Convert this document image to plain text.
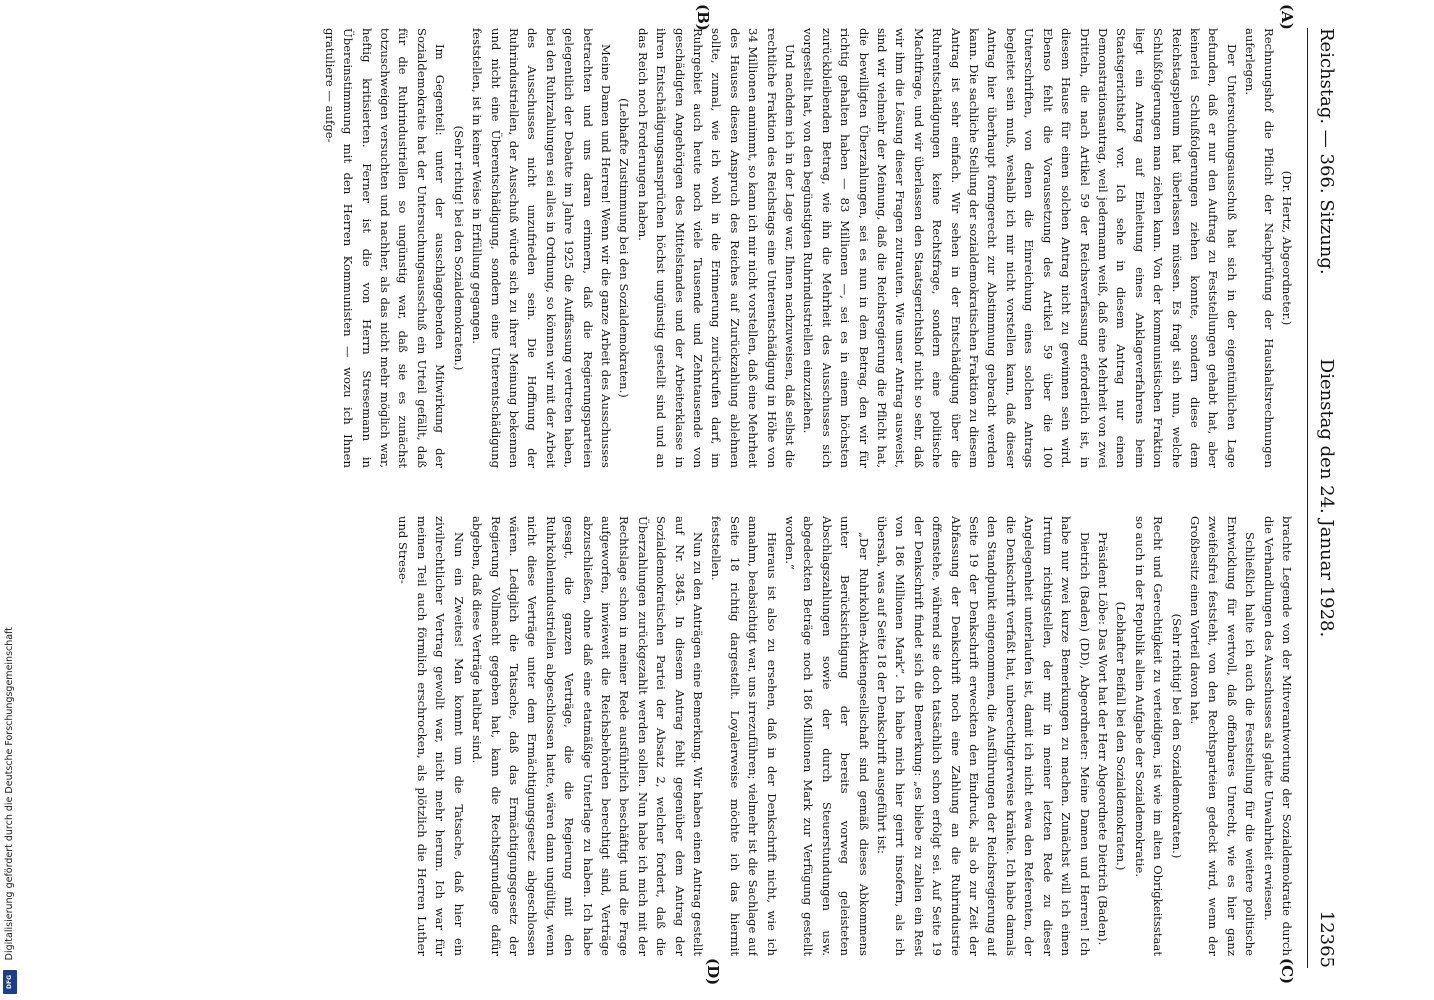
DFG
Digitalisierung gefördert durch die Deutsche Forschungsgemeinschaft
Reichstag. — 366. Sitzung.
Dienstag den 24. Januar 1928.
12365
(A)
(B)
(C)
(D)

(Dr. Hertz, Abgeordneter.)

Rechnungshof die Pflicht der Nachprüfung der Haushaltsrechnungen auferlegen.

Der Untersuchungsausschuß hat sich in der eigentümlichen Lage befunden, daß er nur den Auftrag zu Feststellungen gehabt hat, aber keinerlei Schlußfolgerungen ziehen konnte, sondern diese dem Reichstagsplenum hat überlassen müssen. Es fragt sich nun, welche Schlußfolgerungen man ziehen kann. Von der kommunistischen Fraktion liegt ein Antrag auf Einleitung eines Anklageverfahrens beim Staatsgerichtshof vor. Ich sehe in diesem Antrag nur einen Demonstrationsantrag, weil jedermann weiß, daß eine Mehrheit von zwei Dritteln, die nach Artikel 59 der Reichsverfassung erforderlich ist, in diesem Hause für einen solchen Antrag nicht zu gewinnen sein wird. Ebenso fehlt die Voraussetzung des Artikel 59 über die 100 Unterschriften, von denen die Einreichung eines solchen Antrags begleitet sein muß, weshalb ich mir nicht vorstellen kann, daß dieser Antrag hier überhaupt formgerecht zur Abstimmung gebracht werden kann. Die sachliche Stellung der sozialdemokratischen Fraktion zu diesem Antrag ist sehr einfach. Wir sehen in der Entschädigung über die Ruhrentschädigungen keine Rechtsfrage, sondern eine politische Machtfrage, und wir überlassen den Staatsgerichtshof nicht so sehr, daß wir ihm die Lösung dieser Fragen zutrauten. Wie unser Antrag ausweist, sind wir vielmehr der Meinung, daß die Reichsregierung die Pflicht hat, die bewilligten Überzahlungen, sei es nun in dem Betrag, den wir für richtig gehalten haben — 83 Millionen —, sei es in einem höchsten zurückbleibenden Betrag, wie ihn die Mehrheit des Ausschusses sich vorgestellt hat, von den begünstigten Ruhrindustriellen einzuziehen.

Und nachdem ich in der Lage war, Ihnen nachzuweisen, daß selbst die rechtliche Fraktion des Reichstags eine Unterentschädigung in Höhe von 34 Millionen annimmt, so kann ich mir nicht vorstellen, daß eine Mehrheit des Hauses diesen Anspruch des Reiches auf Zurückzahlung ablehnen sollte, zumal, wie ich wohl in die Erinnerung zurückrufen darf, im Ruhrgebiet auch heute noch viele Tausende und Zehntausende von geschädigten Angehörigen des Mittelstandes und der Arbeiterklasse in ihren Entschädigungsansprüchen höchst ungünstig gestellt sind und an das Reich noch Forderungen haben.

(Lebhafte Zustimmung bei den Sozialdemokraten.)

Meine Damen und Herren! Wenn wir die ganze Arbeit des Ausschusses betrachten und uns daran erinnern, daß die Regierungsparteien gelegentlich der Debatte im Jahre 1925 die Auffassung vertreten haben, bei den Ruhrzahlungen sei alles in Ordnung, so können wir mit der Arbeit des Ausschusses nicht unzufrieden sein. Die Hoffnung der Ruhrindustriellen, der Ausschuß würde sich zu ihrer Meinung bekennen und nicht eine Überentschädigung, sondern eine Unterentschädigung feststellen, ist in keiner Weise in Erfüllung gegangen.

(Sehr richtig! bei den Sozialdemokraten.)

Im Gegenteil: unter der ausschlaggebenden Mitwirkung der Sozialdemokratie hat der Untersuchungsausschuß ein Urteil gefällt, daß für die Ruhrindustriellen so ungünstig war, daß sie es zunächst totzuschweigen versuchten und nachher, als das nicht mehr möglich war, heftig kritisierten. Ferner ist die von Herrn Stresemann in Übereinstimmung mit den Herren Kommunisten — wozu ich Ihnen gratuliere — aufge-

brachte Legende von der Mitverantwortung der Sozialdemokratie durch die Verhandlungen des Ausschusses als glatte Unwahrheit erwiesen.

Schließlich halte ich auch die Feststellung für die weitere politische Entwicklung für wertvoll, daß offenbares Unrecht, wie es hier ganz zweifelsfrei feststeht, von den Rechtsparteien gedeckt wird, wenn der Großbesitz einen Vorteil davon hat.

(Sehr richtig! bei den Sozialdemokraten.)

Recht und Gerechtigkeit zu verteidigen, ist wie im alten Obrigkeitsstaat so auch in der Republik allein Aufgabe der Sozialdemokratie.

(Lebhafter Beifall bei den Sozialdemokraten.)

Präsident Löbe: Das Wort hat der Herr Abgeordnete Dietrich (Baden).

Dietrich (Baden) (DD), Abgeordneter: Meine Damen und Herren! Ich habe nur zwei kurze Bemerkungen zu machen. Zunächst will ich einen Irrtum richtigstellen, der mir in meiner letzten Rede zu dieser Angelegenheit unterlaufen ist, damit ich nicht etwa den Referenten, der die Denkschrift verfaßt hat, unberechtigterweise kränke. Ich habe damals den Standpunkt eingenommen, die Ausführungen der Reichsregierung auf Seite 19 der Denkschrift erweckten den Eindruck, als ob zur Zeit der Abfassung der Denkschrift noch eine Zahlung an die Ruhrindustrie offenstehe, während sie doch tatsächlich schon erfolgt sei. Auf Seite 19 der Denkschrift findet sich die Bemerkung: „es bliebe zu zahlen ein Rest von 186 Millionen Mark“. Ich habe mich hier geirrt insofern, als ich übersah, was auf Seite 18 der Denkschrift ausgeführt ist:

„Der Ruhrkohlen-Aktiengesellschaft sind gemäß dieses Abkommens unter Berücksichtigung der bereits vorweg geleisteten Abschlagszahlungen sowie der durch Steuerstundungen usw. abgedeckten Beträge noch 186 Millionen Mark zur Verfügung gestellt worden.“

Hieraus ist also zu ersehen, daß in der Denkschrift nicht, wie ich annahm, beabsichtigt war, uns irrezuführen; vielmehr ist die Sachlage auf Seite 18 richtig dargestellt. Loyalerweise möchte ich das hiermit feststellen.

Nun zu den Anträgen eine Bemerkung. Wir haben einen Antrag gestellt auf Nr. 3845. In diesem Antrag fehlt gegenüber dem Antrag der Sozialdemokratischen Partei der Absatz 2, welcher fordert, daß die Überzahlungen zurückgezahlt werden sollen. Nun habe ich mich mit der Rechtslage schon in meiner Rede ausführlich beschäftigt und die Frage aufgeworfen, inwieweit die Reichsbehörden berechtigt sind, Verträge abzuschließen, ohne daß eine etatmäßige Unterlage zu haben. Ich habe gesagt, die ganzen Verträge, die die Regierung mit den Ruhrkohlenindustriellen abgeschlossen hatte, wären dann ungültig, wenn nicht diese Verträge unter dem Ermächtigungsgesetz abgeschlossen wären. Lediglich die Tatsache, daß das Ermächtigungsgesetz der Regierung Vollmacht gegeben hat, kann die Rechtsgrundlage dafür abgeben, daß diese Verträge haltbar sind.

Nun ein Zweites! Man kommt um die Tatsache, daß hier ein zivilrechtlicher Vertrag gewollt war, nicht mehr herum. Ich war für meinen Teil auch förmlich erschrocken, als plötzlich die Herren Luther und Strese-
